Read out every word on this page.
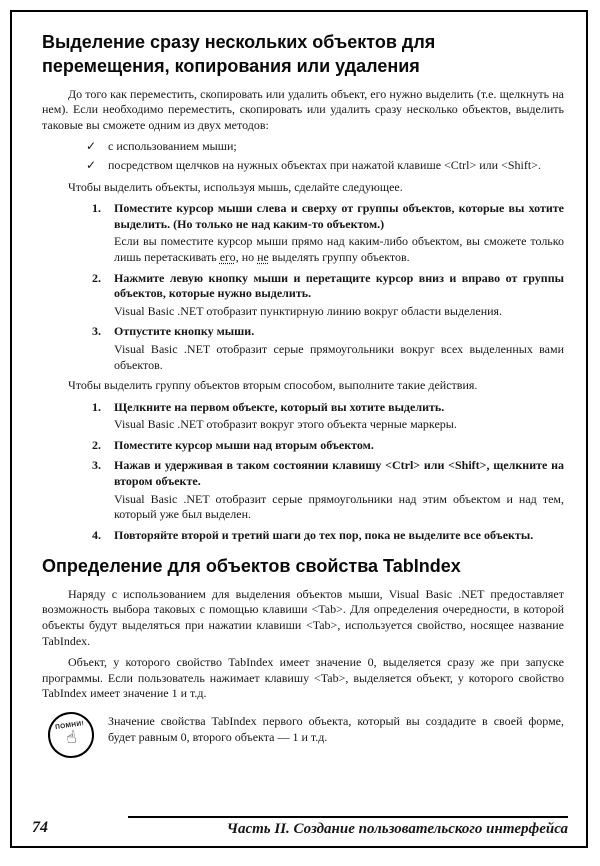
Выделение сразу нескольких объектов для перемещения, копирования или удаления

До того как переместить, скопировать или удалить объект, его нужно выделить (т.е. щелкнуть на нем). Если необходимо переместить, скопировать или удалить сразу несколько объектов, выделить таковые вы сможете одним из двух методов:

✓ с использованием мыши;
✓ посредством щелчков на нужных объектах при нажатой клавише <Ctrl> или <Shift>.

Чтобы выделить объекты, используя мышь, сделайте следующее.

1. Поместите курсор мыши слева и сверху от группы объектов, которые вы хотите выделить. (Но только не над каким-то объектом.)
Если вы поместите курсор мыши прямо над каким-либо объектом, вы сможете только лишь перетаскивать его, но не выделять группу объектов.
2. Нажмите левую кнопку мыши и перетащите курсор вниз и вправо от группы объектов, которые нужно выделить.
Visual Basic .NET отобразит пунктирную линию вокруг области выделения.
3. Отпустите кнопку мыши.
Visual Basic .NET отобразит серые прямоугольники вокруг всех выделенных вами объектов.

Чтобы выделить группу объектов вторым способом, выполните такие действия.

1. Щелкните на первом объекте, который вы хотите выделить.
Visual Basic .NET отобразит вокруг этого объекта черные маркеры.
2. Поместите курсор мыши над вторым объектом.
3. Нажав и удерживая в таком состоянии клавишу <Ctrl> или <Shift>, щелкните на втором объекте.
Visual Basic .NET отобразит серые прямоугольники над этим объектом и над тем, который уже был выделен.
4. Повторяйте второй и третий шаги до тех пор, пока не выделите все объекты.
Определение для объектов свойства TabIndex

Наряду с использованием для выделения объектов мыши, Visual Basic .NET предоставляет возможность выбора таковых с помощью клавиши <Tab>. Для определения очередности, в которой объекты будут выделяться при нажатии клавиши <Tab>, используется свойство, носящее название TabIndex.

Объект, у которого свойство TabIndex имеет значение 0, выделяется сразу же при запуске программы. Если пользователь нажимает клавишу <Tab>, выделяется объект, у которого свойство TabIndex имеет значение 1 и т.д.

ПОМНИ!
☝
Значение свойства TabIndex первого объекта, который вы создадите в своей форме, будет равным 0, второго объекта — 1 и т.д.
74	Часть II. Создание пользовательского интерфейса
